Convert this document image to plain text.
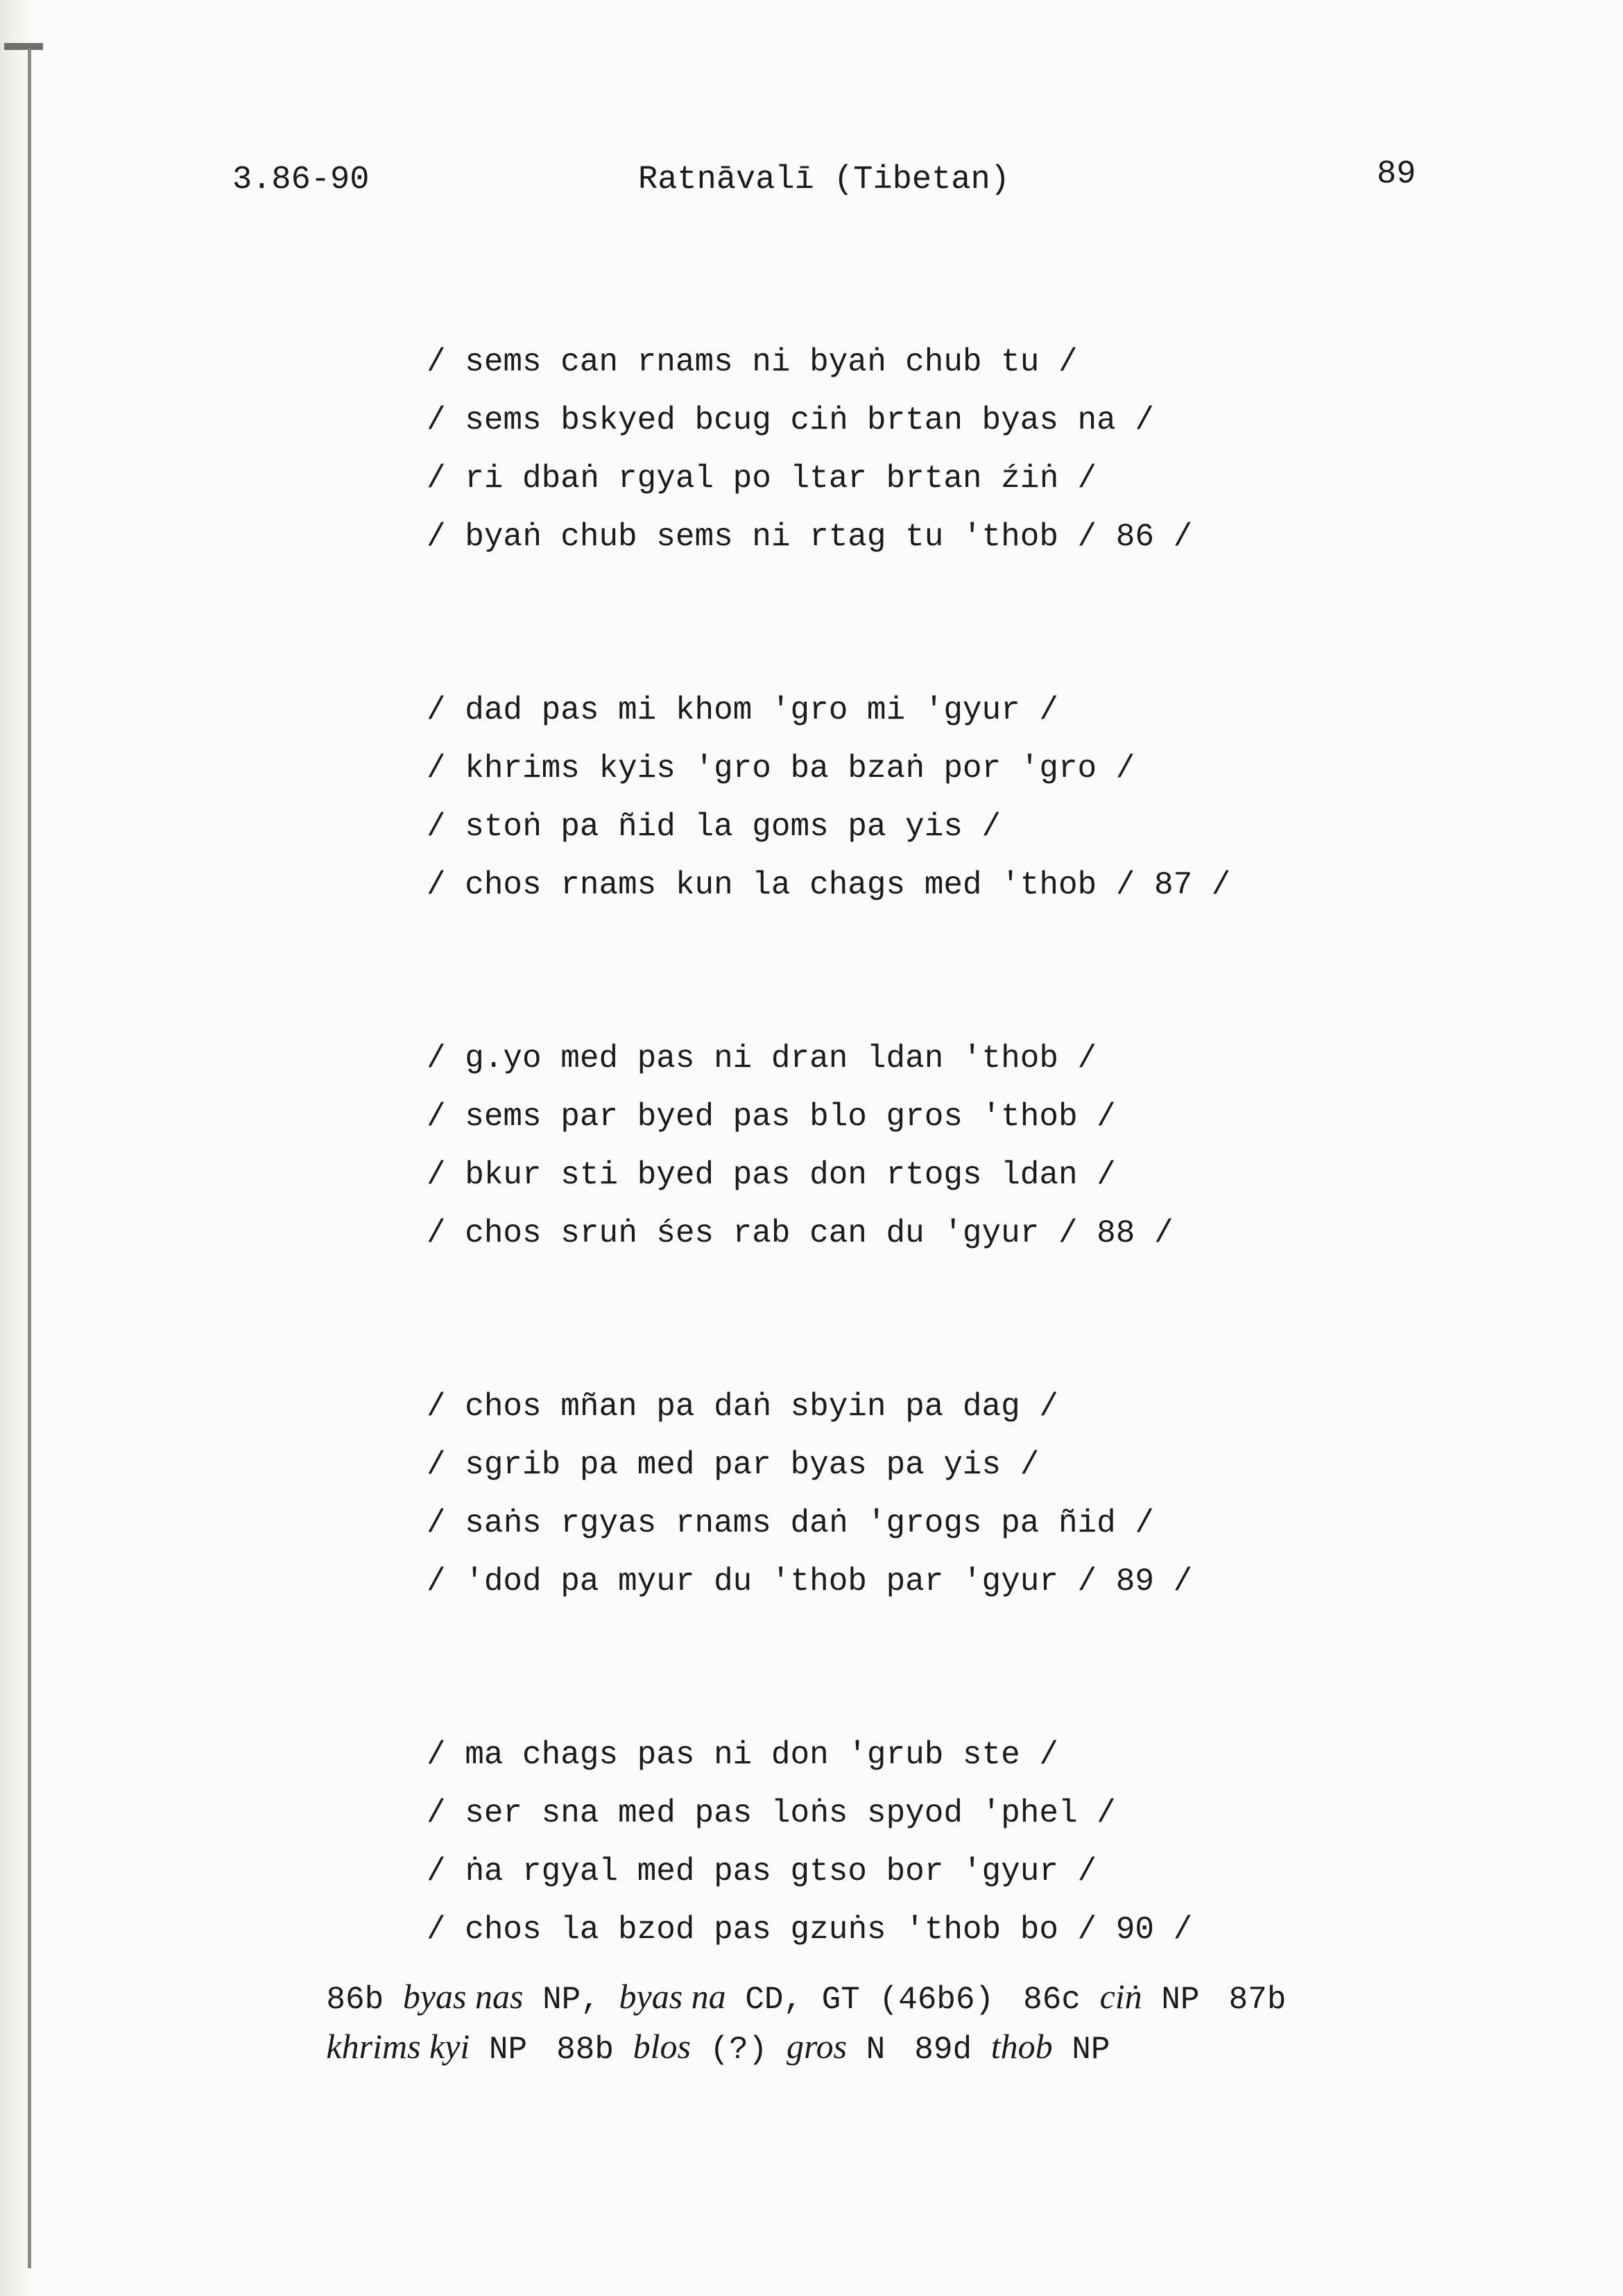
3.86-90	Ratnāvalī (Tibetan)	89
/ sems can rnams ni byaṅ chub tu /
/ sems bskyed bcug ciṅ brtan byas na /
/ ri dbaṅ rgyal po ltar brtan źiṅ /
/ byaṅ chub sems ni rtag tu 'thob / 86 /
/ dad pas mi khom 'gro mi 'gyur /
/ khrims kyis 'gro ba bzaṅ por 'gro /
/ stoṅ pa ñid la goms pa yis /
/ chos rnams kun la chags med 'thob / 87 /
/ g.yo med pas ni dran ldan 'thob /
/ sems par byed pas blo gros 'thob /
/ bkur sti byed pas don rtogs ldan /
/ chos sruṅ śes rab can du 'gyur / 88 /
/ chos mñan pa daṅ sbyin pa dag /
/ sgrib pa med par byas pa yis /
/ saṅs rgyas rnams daṅ 'grogs pa ñid /
/ 'dod pa myur du 'thob par 'gyur / 89 /
/ ma chags pas ni don 'grub ste /
/ ser sna med pas loṅs spyod 'phel /
/ ṅa rgyal med pas gtso bor 'gyur /
/ chos la bzod pas gzuṅs 'thob bo / 90 /

86b byas nas NP, byas na CD, GT (46b6) 86c ciṅ NP 87b

khrims kyi NP 88b blos (?) gros N 89d thob NP
